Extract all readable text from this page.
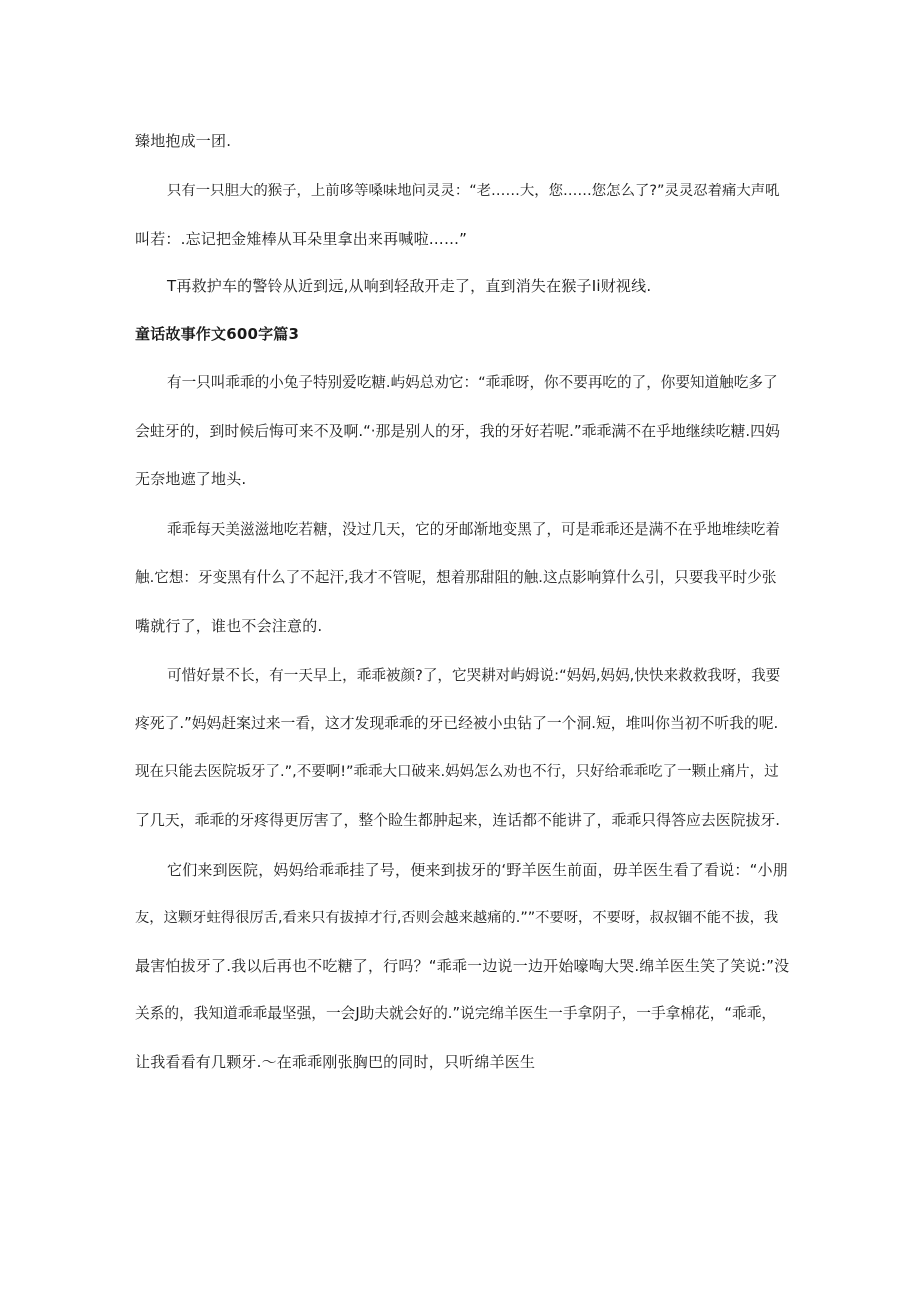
臻地抱成一团.
只有一只胆大的猴子，上前哆等嗓味地问灵灵：“老……大，您……您怎么了?”灵灵忍着痛大声吼
叫若：.忘记把金雉棒从耳朵里拿出来再喊啦……”
T再救护车的警铃从近到远,从响到轻敌开走了，直到消失在猴子Ii财视线.
童话故事作文600字篇3
有一只叫乖乖的小兔子特别爱吃糖.屿妈总劝它：“乖乖呀，你不要再吃的了，你要知道触吃多了
会蛀牙的，到时候后悔可来不及啊.“·那是别人的牙，我的牙好若呢.”乖乖满不在乎地继续吃糖.四妈
无奈地遮了地头.
乖乖每天美滋滋地吃若糖，没过几天，它的牙邮渐地变黑了，可是乖乖还是满不在乎地堆续吃着
触.它想：牙变黑有什么了不起汗,我才不管呢，想着那甜阻的触.这点影响算什么引，只要我平时少张
嘴就行了，谁也不会注意的.
可惜好景不长，有一天早上，乖乖被颜?了，它哭耕对屿姆说:“妈妈,妈妈,快快来救救我呀，我要
疼死了.”妈妈赶案过来一看，这才发现乖乖的牙已经被小虫钻了一个洞.短，堆叫你当初不听我的呢.
现在只能去医院坂牙了.”,不要啊!”乖乖大口破来.妈妈怎么劝也不行，只好给乖乖吃了一颗止痛片，过
了几天，乖乖的牙疼得更厉害了，整个睑生都肿起来，连话都不能讲了，乖乖只得答应去医院拔牙.
它们来到医院，妈妈给乖乖挂了号，便来到拔牙的‘野羊医生前面，毋羊医生看了看说：“小朋
友，这颗牙蛀得很厉舌,看来只有拔掉才行,否则会越来越痛的.””不要呀，不要呀，叔叔锢不能不拔，我
最害怕拔牙了.我以后再也不吃糖了，行吗？“乖乖一边说一边开始嚎啕大哭.绵羊医生笑了笑说:”没
关系的，我知道乖乖最坚强，一会J助夫就会好的.”说完绵羊医生一手拿阴子，一手拿棉花，“乖乖，
让我看看有几颗牙.〜在乖乖刚张胸巴的同时，只听绵羊医生
